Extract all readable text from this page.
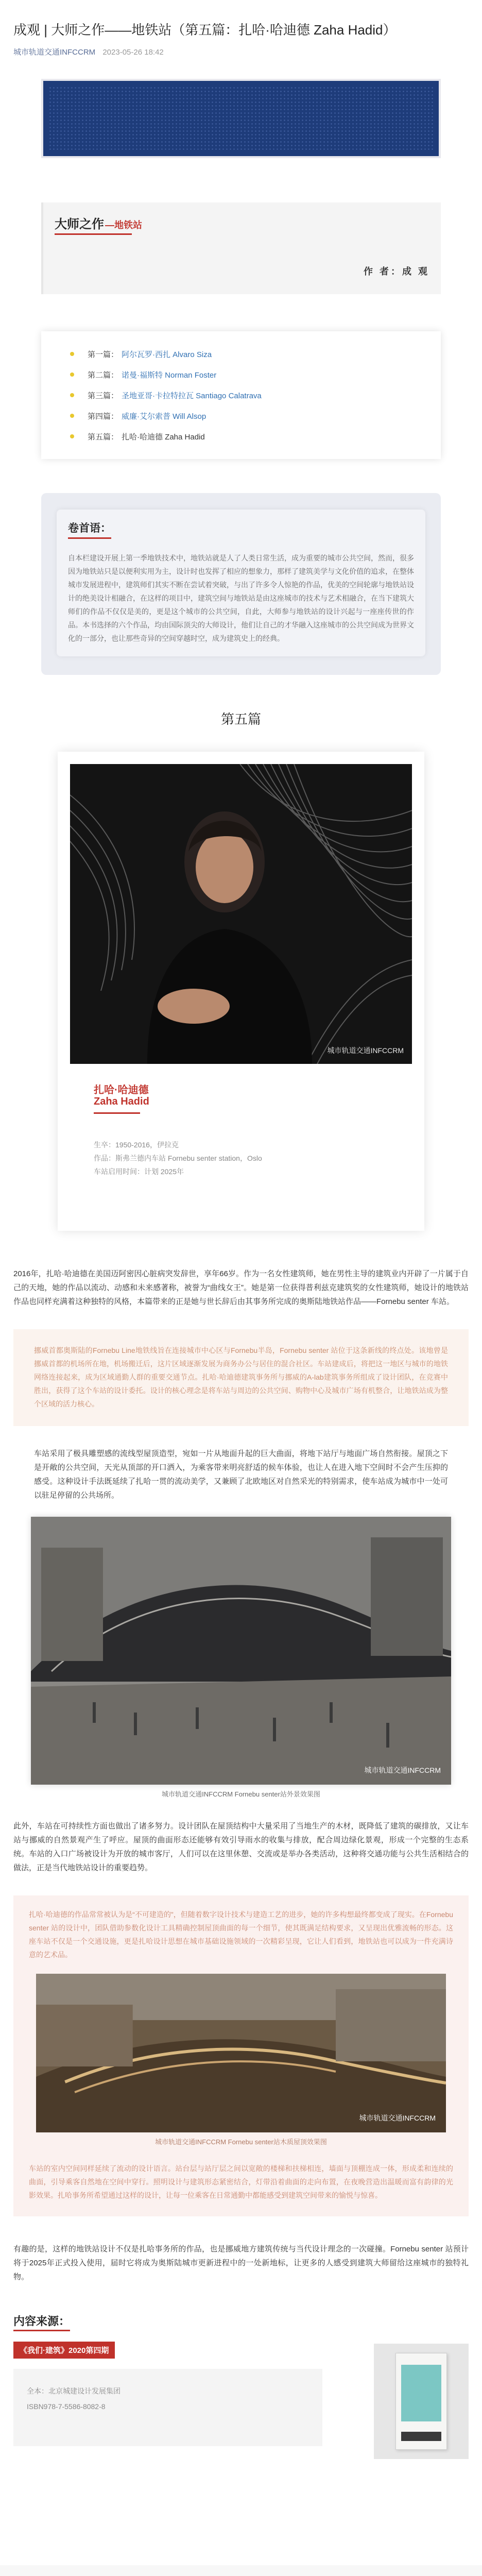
成观 | 大师之作——地铁站（第五篇：扎哈·哈迪德 Zaha Hadid）
城市轨道交通INFCCRM 2023-05-26 18:42
大师之作 —地铁站
作 者：成 观
第一篇： 阿尔瓦罗·西扎 Alvaro Siza
第二篇： 诺曼·福斯特 Norman Foster
第三篇： 圣地亚哥·卡拉特拉瓦 Santiago Calatrava
第四篇： 威廉·艾尔索普 Will Alsop
第五篇： 扎哈·哈迪德 Zaha Hadid
卷首语：

自本栏建设开展上第一季地铁技术中，地铁站就是人了人类日常生活，成为重要的城市公共空间，然而，很多因为地铁站只是以便利实用为主，设计时也发挥了相应的想象力，那样了建筑美学与文化价值的追求，在整体城市发展进程中，建筑师们其实不断在尝试着突破，与出了许多令人惊艳的作品，优美的空间轮廓与地铁站设计的绝美设计相融合，在这样的项目中，建筑空间与地铁站是由这座城市的技术与艺术相融合，在当下建筑大师们的作品不仅仅是美的，更是这个城市的公共空间，自此，大师参与地铁站的设计兴起与一座座传世的作品。本书选择的六个作品，均由国际顶尖的大师设计，他们让自己的才华融入这座城市的公共空间成为世界文化的一部分，也让那些奇异的空间穿越时空，成为建筑史上的经典。

第五篇
城市轨道交通INFCCRM
扎哈·哈迪德
Zaha Hadid
生卒：1950-2016，伊拉克
作品：斯弗兰德内车站 Fornebu senter station，Oslo
车站启用时间：计划 2025年

2016年，扎哈·哈迪德在美国迈阿密因心脏病突发辞世，享年66岁。作为一名女性建筑师，她在男性主导的建筑业内开辟了一片属于自己的天地，她的作品以流动、动感和未来感著称，被誉为“曲线女王”。她是第一位获得普利兹克建筑奖的女性建筑师，她设计的地铁站作品也同样充满着这种独特的风格，本篇带来的正是她与世长辞后由其事务所完成的奥斯陆地铁站作品——Fornebu senter 车站。

挪威首都奥斯陆的Fornebu Line地铁线旨在连接城市中心区与Fornebu半岛，Fornebu senter 站位于这条新线的终点处。该地曾是挪威首都的机场所在地，机场搬迁后，这片区域逐渐发展为商务办公与居住的混合社区。车站建成后，将把这一地区与城市的地铁网络连接起来，成为区域通勤人群的重要交通节点。扎哈·哈迪德建筑事务所与挪威的A-lab建筑事务所组成了设计团队，在竞赛中胜出，获得了这个车站的设计委托。设计的核心理念是将车站与周边的公共空间、购物中心及城市广场有机整合，让地铁站成为整个区域的活力核心。

车站采用了极具雕塑感的流线型屋顶造型，宛如一片从地面升起的巨大曲面，将地下站厅与地面广场自然衔接。屋顶之下是开敞的公共空间，天光从顶部的开口洒入，为乘客带来明亮舒适的候车体验，也让人在进入地下空间时不会产生压抑的感受。这种设计手法既延续了扎哈一贯的流动美学，又兼顾了北欧地区对自然采光的特别需求，使车站成为城市中一处可以驻足停留的公共场所。

城市轨道交通INFCCRM
城市轨道交通INFCCRM Fornebu senter站外景效果图

此外，车站在可持续性方面也做出了诸多努力。设计团队在屋顶结构中大量采用了当地生产的木材，既降低了建筑的碳排放，又让车站与挪威的自然景观产生了呼应。屋顶的曲面形态还能够有效引导雨水的收集与排放，配合周边绿化景观，形成一个完整的生态系统。车站的入口广场被设计为开放的城市客厅，人们可以在这里休憩、交流或是举办各类活动，这种将交通功能与公共生活相结合的做法，正是当代地铁站设计的重要趋势。

扎哈·哈迪德的作品常常被认为是“不可建造的”，但随着数字设计技术与建造工艺的进步，她的许多构想最终都变成了现实。在Fornebu senter 站的设计中，团队借助参数化设计工具精确控制屋顶曲面的每一个细节，使其既满足结构要求，又呈现出优雅流畅的形态。这座车站不仅是一个交通设施，更是扎哈设计思想在城市基础设施领域的一次精彩呈现，它让人们看到，地铁站也可以成为一件充满诗意的艺术品。

城市轨道交通INFCCRM
城市轨道交通INFCCRM Fornebu senter站木质屋顶效果图

车站的室内空间同样延续了流动的设计语言。站台层与站厅层之间以宽敞的楼梯和扶梯相连，墙面与顶棚连成一体，形成柔和连续的曲面，引导乘客自然地在空间中穿行。照明设计与建筑形态紧密结合，灯带沿着曲面的走向布置，在夜晚营造出温暖而富有韵律的光影效果。扎哈事务所希望通过这样的设计，让每一位乘客在日常通勤中都能感受到建筑空间带来的愉悦与惊喜。

有趣的是，这样的地铁站设计不仅是扎哈事务所的作品，也是挪威地方建筑传统与当代设计理念的一次碰撞。Fornebu senter 站预计将于2025年正式投入使用，届时它将成为奥斯陆城市更新进程中的一处新地标，让更多的人感受到建筑大师留给这座城市的独特礼物。

内容来源：
《我们·建筑》2020第四期
全本：北京城建设计发展集团
ISBN978-7-5586-8082-8
